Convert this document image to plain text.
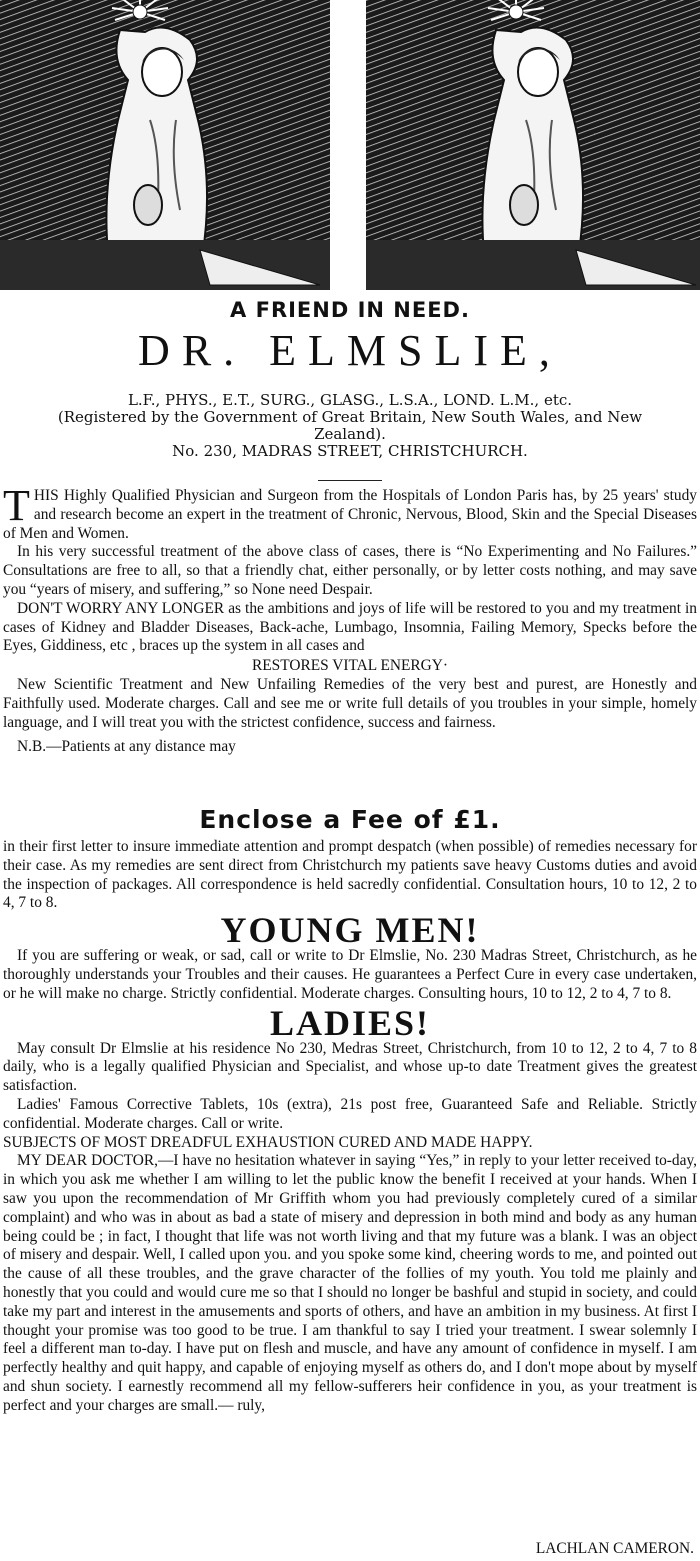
A FRIEND IN NEED.
DR. ELMSLIE,

L.F., PHYS., E.T., SURG., GLASG., L.S.A., LOND. L.M., etc.

(Registered by the Government of Great Britain, New South Wales, and New Zealand).

No. 230, MADRAS STREET, CHRISTCHURCH.

THIS Highly Qualified Physician and Surgeon from the Hospitals of London Paris has, by 25 years' study and research become an expert in the treatment of Chronic, Nervous, Blood, Skin and the Special Diseases of Men and Women.

In his very successful treatment of the above class of cases, there is “No Experimenting and No Failures.” Consultations are free to all, so that a friendly chat, either personally, or by letter costs nothing, and may save you “years of misery, and suffering,” so None need Despair.

DON'T WORRY ANY LONGER as the ambitions and joys of life will be restored to you and my treatment in cases of Kidney and Bladder Diseases, Back-ache, Lumbago, Insomnia, Failing Memory, Specks before the Eyes, Giddiness, etc , braces up the system in all cases and

RESTORES VITAL ENERGY·

New Scientific Treatment and New Unfailing Remedies of the very best and purest, are Honestly and Faithfully used. Moderate charges. Call and see me or write full details of you troubles in your simple, homely language, and I will treat you with the strictest confidence, success and fairness.

N.B.—Patients at any distance may

Enclose a Fee of £1.

in their first letter to insure immediate attention and prompt despatch (when possible) of remedies necessary for their case. As my remedies are sent direct from Christchurch my patients save heavy Customs duties and avoid the inspection of packages. All correspondence is held sacredly confidential. Consultation hours, 10 to 12, 2 to 4, 7 to 8.

YOUNG MEN!

If you are suffering or weak, or sad, call or write to Dr Elmslie, No. 230 Madras Street, Christchurch, as he thoroughly understands your Troubles and their causes. He guarantees a Perfect Cure in every case undertaken, or he will make no charge. Strictly confidential. Moderate charges. Consulting hours, 10 to 12, 2 to 4, 7 to 8.

LADIES!

May consult Dr Elmslie at his residence No 230, Medras Street, Christchurch, from 10 to 12, 2 to 4, 7 to 8 daily, who is a legally qualified Physician and Specialist, and whose up-to date Treatment gives the greatest satisfaction.

Ladies' Famous Corrective Tablets, 10s (extra), 21s post free, Guaranteed Safe and Reliable. Strictly confidential. Moderate charges. Call or write.

SUBJECTS OF MOST DREADFUL EXHAUSTION CURED AND MADE HAPPY.

MY DEAR DOCTOR,—I have no hesitation whatever in saying “Yes,” in reply to your letter received to-day, in which you ask me whether I am willing to let the public know the benefit I received at your hands. When I saw you upon the recommendation of Mr Griffith whom you had previously completely cured of a similar complaint) and who was in about as bad a state of misery and depression in both mind and body as any human being could be ; in fact, I thought that life was not worth living and that my future was a blank. I was an object of misery and despair. Well, I called upon you. and you spoke some kind, cheering words to me, and pointed out the cause of all these troubles, and the grave character of the follies of my youth. You told me plainly and honestly that you could and would cure me so that I should no longer be bashful and stupid in society, and could take my part and interest in the amusements and sports of others, and have an ambition in my business. At first I thought your promise was too good to be true. I am thankful to say I tried your treatment. I swear solemnly I feel a different man to-day. I have put on flesh and muscle, and have any amount of confidence in myself. I am perfectly healthy and quit happy, and capable of enjoying myself as others do, and I don't mope about by myself and shun society. I earnestly recommend all my fellow-sufferers heir confidence in you, as your treatment is perfect and your charges are small.— ruly,

LACHLAN CAMERON.
